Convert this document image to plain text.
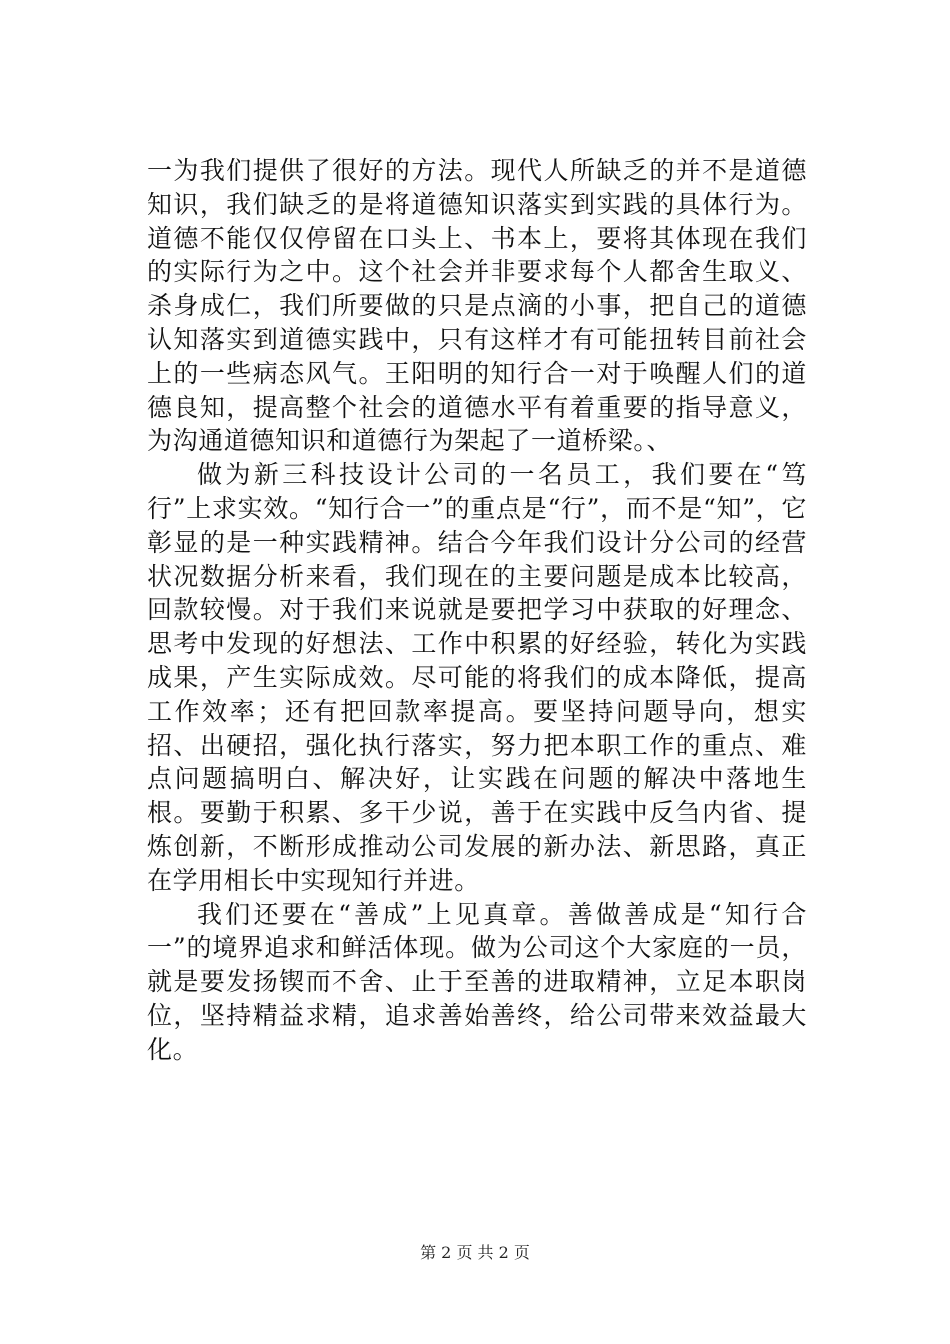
一为我们提供了很好的方法。现代人所缺乏的并不是道德知识，我们缺乏的是将道德知识落实到实践的具体行为。道德不能仅仅停留在口头上、书本上，要将其体现在我们的实际行为之中。这个社会并非要求每个人都舍生取义、杀身成仁，我们所要做的只是点滴的小事，把自己的道德认知落实到道德实践中，只有这样才有可能扭转目前社会上的一些病态风气。王阳明的知行合一对于唤醒人们的道德良知，提高整个社会的道德水平有着重要的指导意义，为沟通道德知识和道德行为架起了一道桥梁。、

做为新三科技设计公司的一名员工，我们要在“笃行”上求实效。“知行合一”的重点是“行”，而不是“知”，它彰显的是一种实践精神。结合今年我们设计分公司的经营状况数据分析来看，我们现在的主要问题是成本比较高，回款较慢。对于我们来说就是要把学习中获取的好理念、思考中发现的好想法、工作中积累的好经验，转化为实践成果，产生实际成效。尽可能的将我们的成本降低，提高工作效率；还有把回款率提高。要坚持问题导向，想实招、出硬招，强化执行落实，努力把本职工作的重点、难点问题搞明白、解决好，让实践在问题的解决中落地生根。要勤于积累、多干少说，善于在实践中反刍内省、提炼创新，不断形成推动公司发展的新办法、新思路，真正在学用相长中实现知行并进。

我们还要在“善成”上见真章。善做善成是“知行合一”的境界追求和鲜活体现。做为公司这个大家庭的一员，就是要发扬锲而不舍、止于至善的进取精神，立足本职岗位，坚持精益求精，追求善始善终，给公司带来效益最大化。

第 2 页 共 2 页
